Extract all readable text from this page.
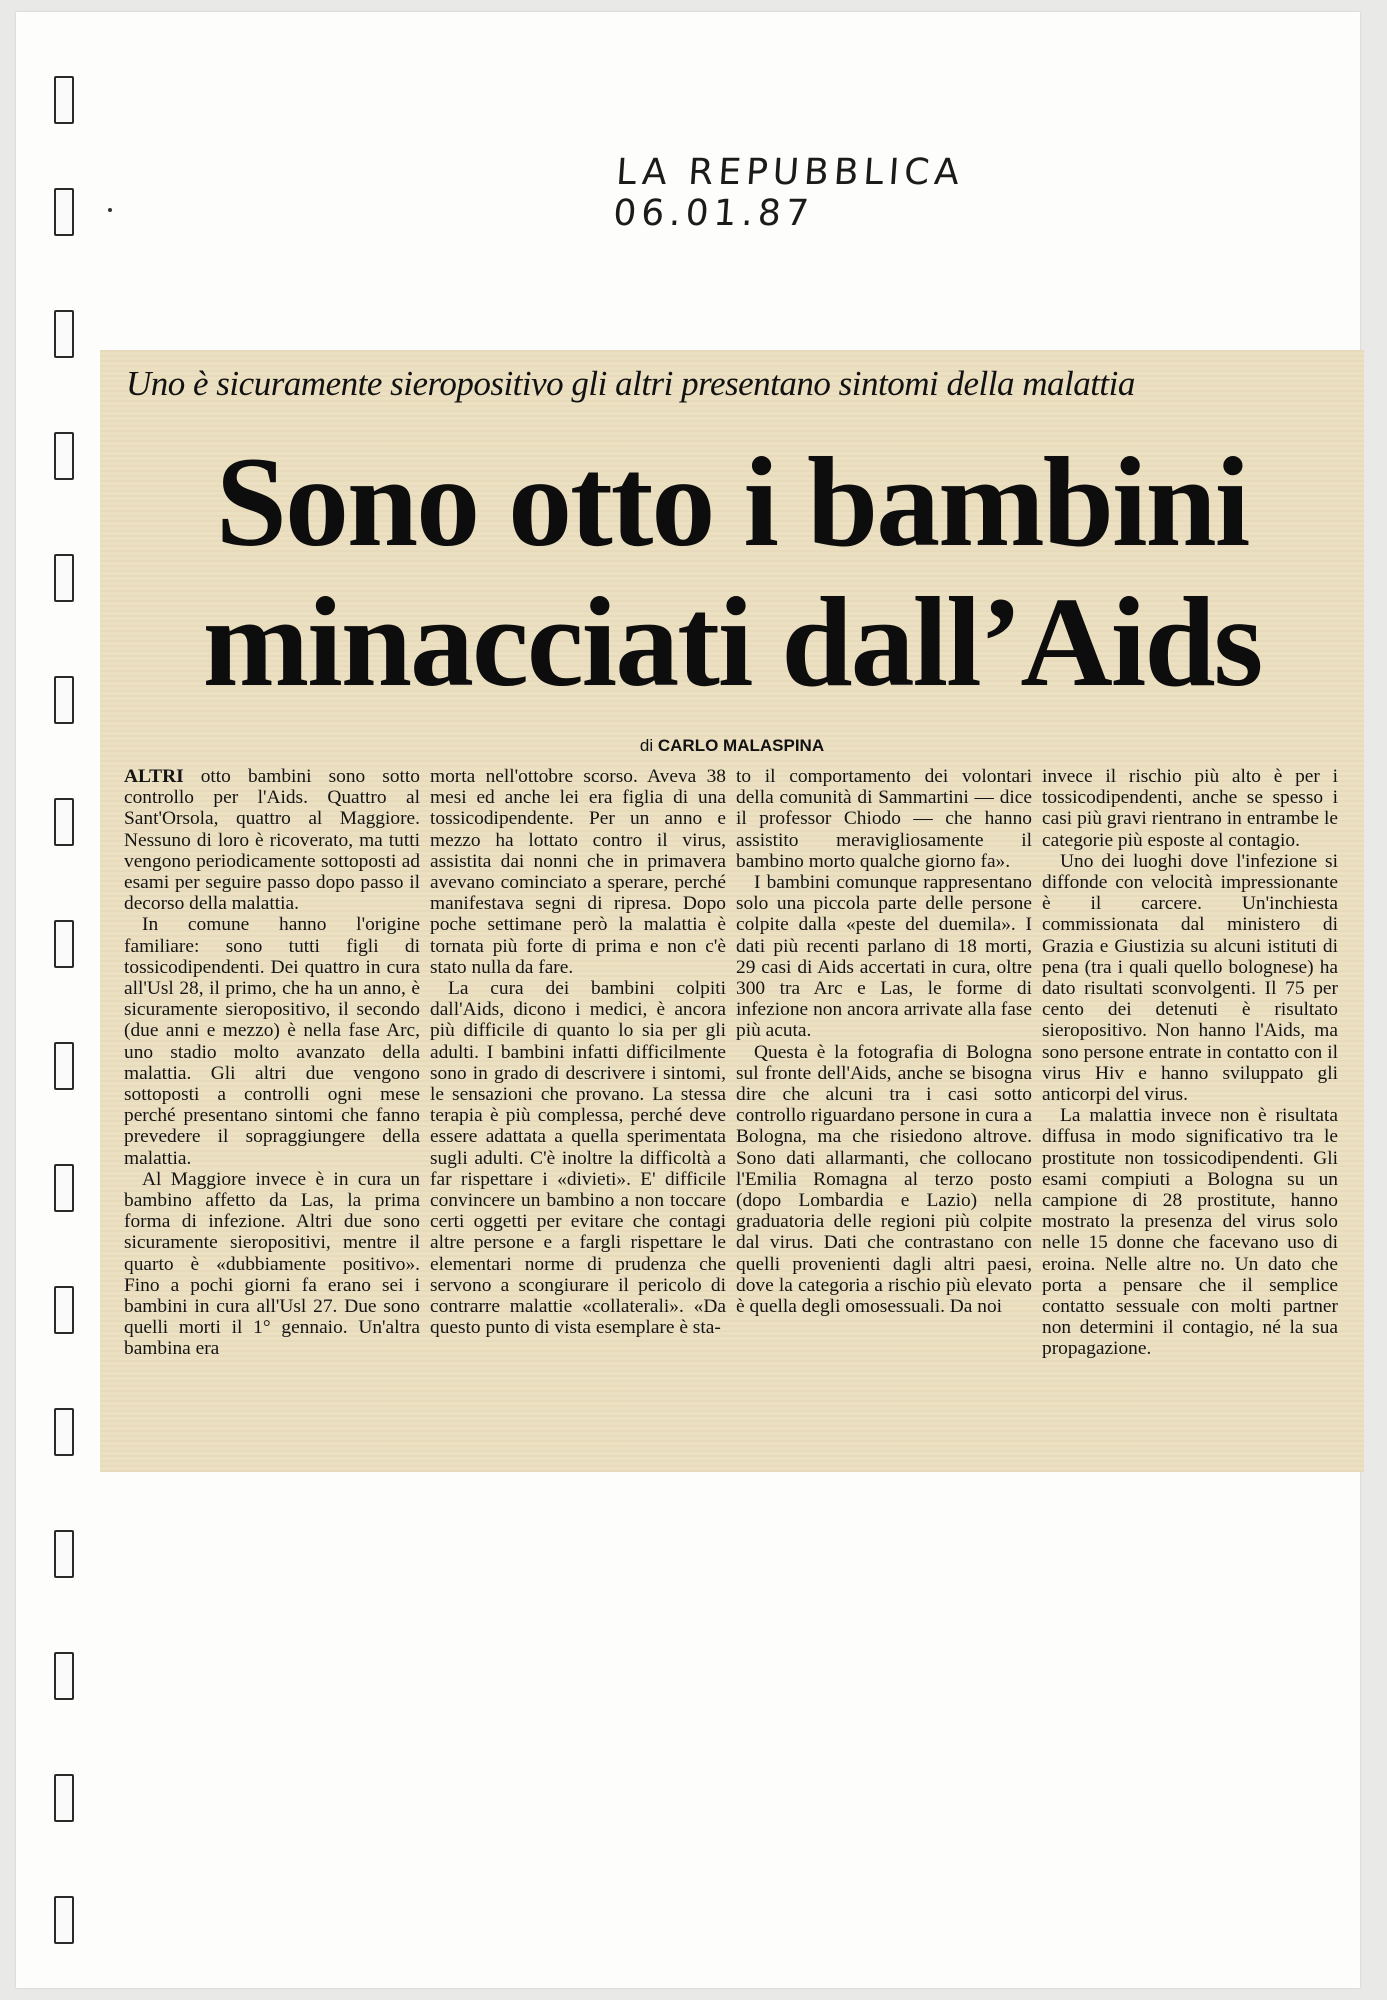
LA REPUBBLICA 06.01.87
Uno è sicuramente sieropositivo gli altri presentano sintomi della malattia
Sono otto i bambini
minacciati dall’Aids
di CARLO MALASPINA

ALTRI otto bambini sono sotto controllo per l'Aids. Quattro al Sant'Orsola, quattro al Maggiore. Nessuno di loro è ricoverato, ma tutti vengono periodicamente sottoposti ad esami per seguire passo dopo passo il decorso della malattia.

In comune hanno l'origine familiare: sono tutti figli di tossicodipendenti. Dei quattro in cura all'Usl 28, il primo, che ha un anno, è sicuramente sieropositivo, il secondo (due anni e mezzo) è nella fase Arc, uno stadio molto avanzato della malattia. Gli altri due vengono sottoposti a controlli ogni mese perché presentano sintomi che fanno prevedere il sopraggiungere della malattia.

Al Maggiore invece è in cura un bambino affetto da Las, la prima forma di infezione. Altri due sono sicuramente sieropositivi, mentre il quarto è «dubbiamente positivo». Fino a pochi giorni fa erano sei i bambini in cura all'Usl 27. Due sono quelli morti il 1° gennaio. Un'altra bambina era

morta nell'ottobre scorso. Aveva 38 mesi ed anche lei era figlia di una tossicodipendente. Per un anno e mezzo ha lottato contro il virus, assistita dai nonni che in primavera avevano cominciato a sperare, perché manifestava segni di ripresa. Dopo poche settimane però la malattia è tornata più forte di prima e non c'è stato nulla da fare.

La cura dei bambini colpiti dall'Aids, dicono i medici, è ancora più difficile di quanto lo sia per gli adulti. I bambini infatti difficilmente sono in grado di descrivere i sintomi, le sensazioni che provano. La stessa terapia è più complessa, perché deve essere adattata a quella sperimentata sugli adulti. C'è inoltre la difficoltà a far rispettare i «divieti». E' difficile convincere un bambino a non toccare certi oggetti per evitare che contagi altre persone e a fargli rispettare le elementari norme di prudenza che servono a scongiurare il pericolo di contrarre malattie «collaterali». «Da questo punto di vista esemplare è sta-

to il comportamento dei volontari della comunità di Sammartini — dice il professor Chiodo — che hanno assistito meravigliosamente il bambino morto qualche giorno fa».

I bambini comunque rappresentano solo una piccola parte delle persone colpite dalla «peste del duemila». I dati più recenti parlano di 18 morti, 29 casi di Aids accertati in cura, oltre 300 tra Arc e Las, le forme di infezione non ancora arrivate alla fase più acuta.

Questa è la fotografia di Bologna sul fronte dell'Aids, anche se bisogna dire che alcuni tra i casi sotto controllo riguardano persone in cura a Bologna, ma che risiedono altrove. Sono dati allarmanti, che collocano l'Emilia Romagna al terzo posto (dopo Lombardia e Lazio) nella graduatoria delle regioni più colpite dal virus. Dati che contrastano con quelli provenienti dagli altri paesi, dove la categoria a rischio più elevato è quella degli omosessuali. Da noi

invece il rischio più alto è per i tossicodipendenti, anche se spesso i casi più gravi rientrano in entrambe le categorie più esposte al contagio.

Uno dei luoghi dove l'infezione si diffonde con velocità impressionante è il carcere. Un'inchiesta commissionata dal ministero di Grazia e Giustizia su alcuni istituti di pena (tra i quali quello bolognese) ha dato risultati sconvolgenti. Il 75 per cento dei detenuti è risultato sieropositivo. Non hanno l'Aids, ma sono persone entrate in contatto con il virus Hiv e hanno sviluppato gli anticorpi del virus.

La malattia invece non è risultata diffusa in modo significativo tra le prostitute non tossicodipendenti. Gli esami compiuti a Bologna su un campione di 28 prostitute, hanno mostrato la presenza del virus solo nelle 15 donne che facevano uso di eroina. Nelle altre no. Un dato che porta a pensare che il semplice contatto sessuale con molti partner non determini il contagio, né la sua propagazione.
